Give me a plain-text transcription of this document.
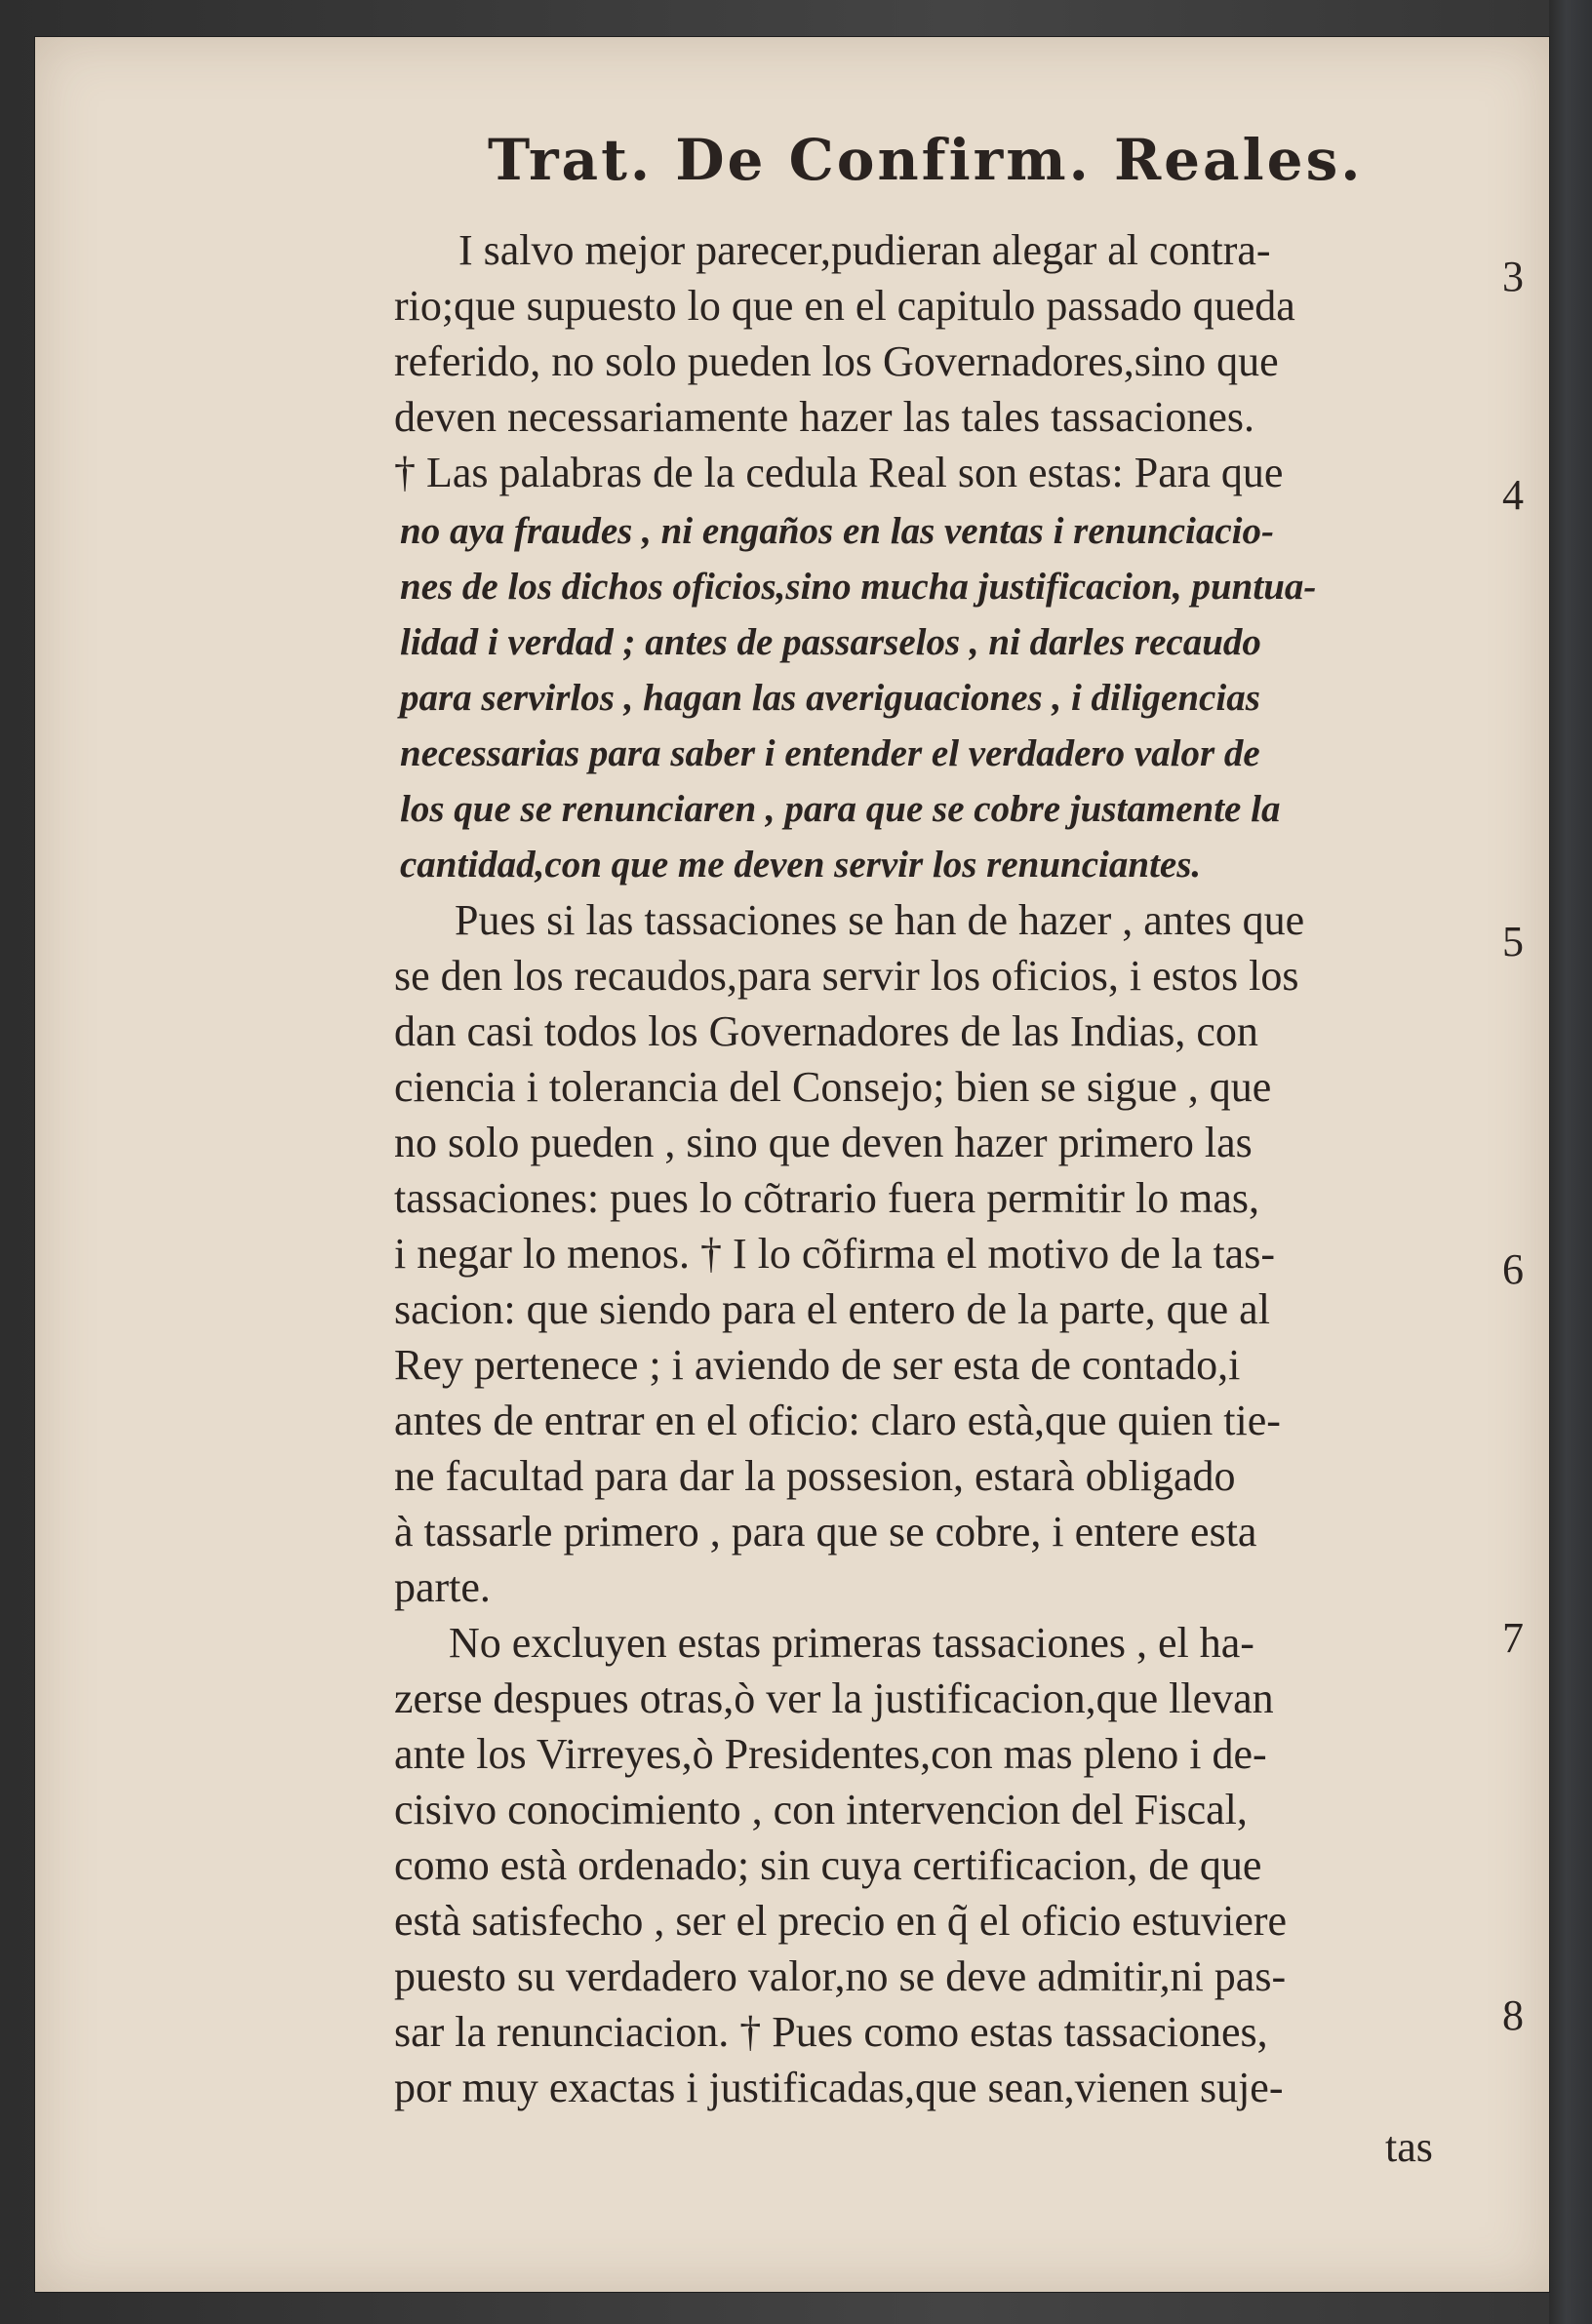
Trat. De Confirm. Reales.
I salvo mejor parecer,pudieran alegar al contra-
rio;que supuesto lo que en el capitulo passado queda
referido, no solo pueden los Governadores,sino que
deven necessariamente hazer las tales tassaciones.
† Las palabras de la cedula Real son estas: Para que
no aya fraudes , ni engaños en las ventas i renunciacio-
nes de los dichos oficios,sino mucha justificacion, puntua-
lidad i verdad ; antes de passarselos , ni darles recaudo
para servirlos , hagan las averiguaciones , i diligencias
necessarias para saber i entender el verdadero valor de
los que se renunciaren , para que se cobre justamente la
cantidad,con que me deven servir los renunciantes.
Pues si las tassaciones se han de hazer , antes que
se den los recaudos,para servir los oficios, i estos los
dan casi todos los Governadores de las Indias, con
ciencia i tolerancia del Consejo; bien se sigue , que
no solo pueden , sino que deven hazer primero las
tassaciones: pues lo cõtrario fuera permitir lo mas,
i negar lo menos. † I lo cõfirma el motivo de la tas-
sacion: que siendo para el entero de la parte, que al
Rey pertenece ; i aviendo de ser esta de contado,i
antes de entrar en el oficio: claro està,que quien tie-
ne facultad para dar la possesion, estarà obligado
à tassarle primero , para que se cobre, i entere esta
parte.
No excluyen estas primeras tassaciones , el ha-
zerse despues otras,ò ver la justificacion,que llevan
ante los Virreyes,ò Presidentes,con mas pleno i de-
cisivo conocimiento , con intervencion del Fiscal,
como està ordenado; sin cuya certificacion, de que
està satisfecho , ser el precio en q̃ el oficio estuviere
puesto su verdadero valor,no se deve admitir,ni pas-
sar la renunciacion. † Pues como estas tassaciones,
por muy exactas i justificadas,que sean,vienen suje-
tas
3
4
5
6
7
8
